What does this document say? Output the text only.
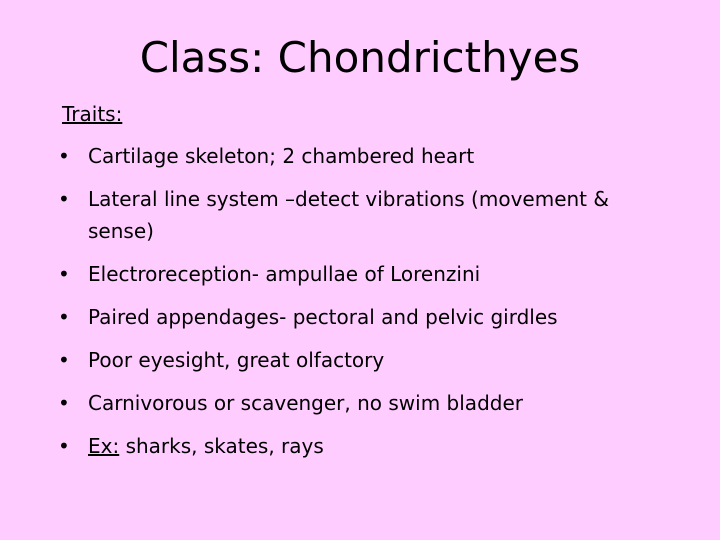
Class: Chondricthyes
Traits:
• Cartilage skeleton; 2 chambered heart
• Lateral line system –detect vibrations (movement & sense)
• Electroreception- ampullae of Lorenzini
• Paired appendages- pectoral and pelvic girdles
• Poor eyesight, great olfactory
• Carnivorous or scavenger, no swim bladder
• Ex: sharks, skates, rays
